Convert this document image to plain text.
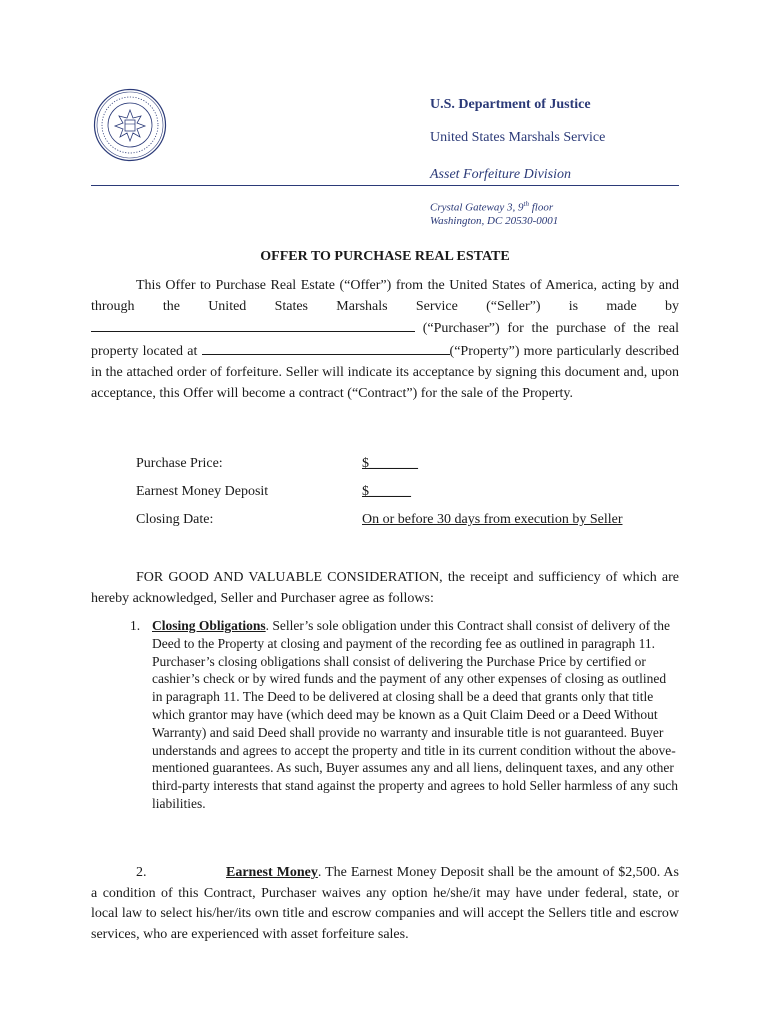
U.S. Department of Justice
United States Marshals Service
Asset Forfeiture Division
Crystal Gateway 3, 9th floor
Washington, DC 20530-0001
OFFER TO PURCHASE REAL ESTATE

This Offer to Purchase Real Estate (“Offer”) from the United States of America, acting by and through the United States Marshals Service (“Seller”) is made by  (“Purchaser”) for the purchase of the real property located at	(“Property”) more particularly described in the attached order of forfeiture. Seller will indicate its acceptance by signing this document and, upon acceptance, this Offer will become a contract (“Contract”) for the sale of the Property.

Purchase Price:	$_______
Earnest Money Deposit	$______
Closing Date:	On or before 30 days from execution by Seller

FOR GOOD AND VALUABLE CONSIDERATION, the receipt and sufficiency of which are hereby acknowledged, Seller and Purchaser agree as follows:

1. Closing Obligations. Seller’s sole obligation under this Contract shall consist of delivery of the Deed to the Property at closing and payment of the recording fee as outlined in paragraph 11. Purchaser’s closing obligations shall consist of delivering the Purchase Price by certified or cashier’s check or by wired funds and the payment of any other expenses of closing as outlined in paragraph 11. The Deed to be delivered at closing shall be a deed that grants only that title which grantor may have (which deed may be known as a Quit Claim Deed or a Deed Without Warranty) and said Deed shall provide no warranty and insurable title is not guaranteed. Buyer understands and agrees to accept the property and title in its current condition without the above-mentioned guarantees. As such, Buyer assumes any and all liens, delinquent taxes, and any other third-party interests that stand against the property and agrees to hold Seller harmless of any such liabilities.

2.	Earnest Money. The Earnest Money Deposit shall be the amount of $2,500. As a condition of this Contract, Purchaser waives any option he/she/it may have under federal, state, or local law to select his/her/its own title and escrow companies and will accept the Sellers title and escrow services, who are experienced with asset forfeiture sales.
